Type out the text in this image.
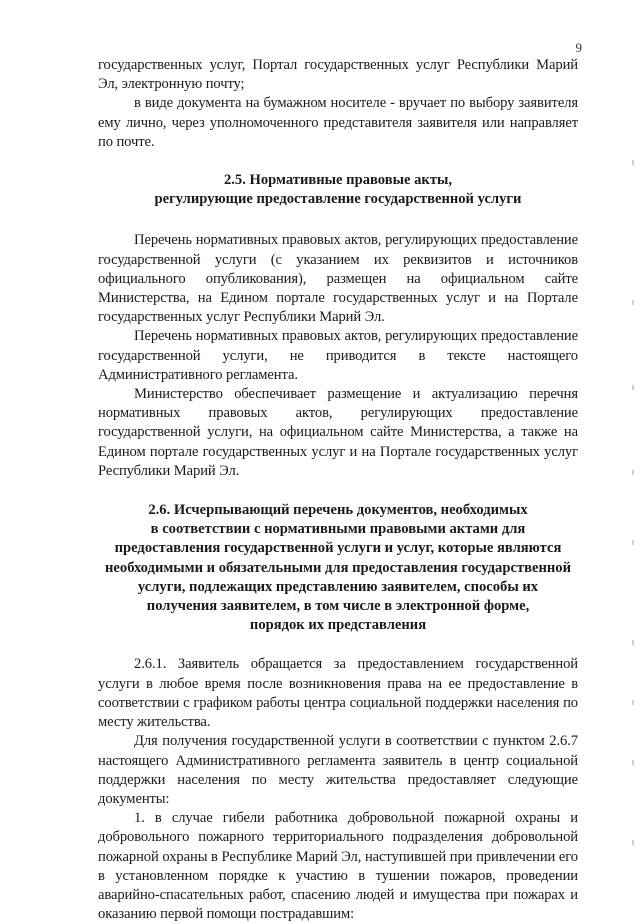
9

государственных услуг, Портал государственных услуг Республики Марий Эл, электронную почту;

в виде документа на бумажном носителе - вручает по выбору заявителя ему лично, через уполномоченного представителя заявителя или направляет по почте.

2.5. Нормативные правовые акты,
регулирующие предоставление государственной услуги

Перечень нормативных правовых актов, регулирующих предоставление государственной услуги (с указанием их реквизитов и источников официального опубликования), размещен на официальном сайте Министерства, на Едином портале государственных услуг и на Портале государственных услуг Республики Марий Эл.

Перечень нормативных правовых актов, регулирующих предоставление государственной услуги, не приводится в тексте настоящего Административного регламента.

Министерство обеспечивает размещение и актуализацию перечня нормативных правовых актов, регулирующих предоставление государственной услуги, на официальном сайте Министерства, а также на Едином портале государственных услуг и на Портале государственных услуг Республики Марий Эл.

2.6. Исчерпывающий перечень документов, необходимых
в соответствии с нормативными правовыми актами для
предоставления государственной услуги и услуг, которые являются
необходимыми и обязательными для предоставления государственной
услуги, подлежащих представлению заявителем, способы их
получения заявителем, в том числе в электронной форме,
порядок их представления

2.6.1. Заявитель обращается за предоставлением государственной услуги в любое время после возникновения права на ее предоставление в соответствии с графиком работы центра социальной поддержки населения по месту жительства.

Для получения государственной услуги в соответствии с пунктом 2.6.7 настоящего Административного регламента заявитель в центр социальной поддержки населения по месту жительства предоставляет следующие документы:

1. в случае гибели работника добровольной пожарной охраны и добровольного пожарного территориального подразделения добровольной пожарной охраны в Республике Марий Эл, наступившей при привлечении его в установленном порядке к участию в тушении пожаров, проведении аварийно-спасательных работ, спасению людей и имущества при пожарах и оказанию первой помощи пострадавшим:
